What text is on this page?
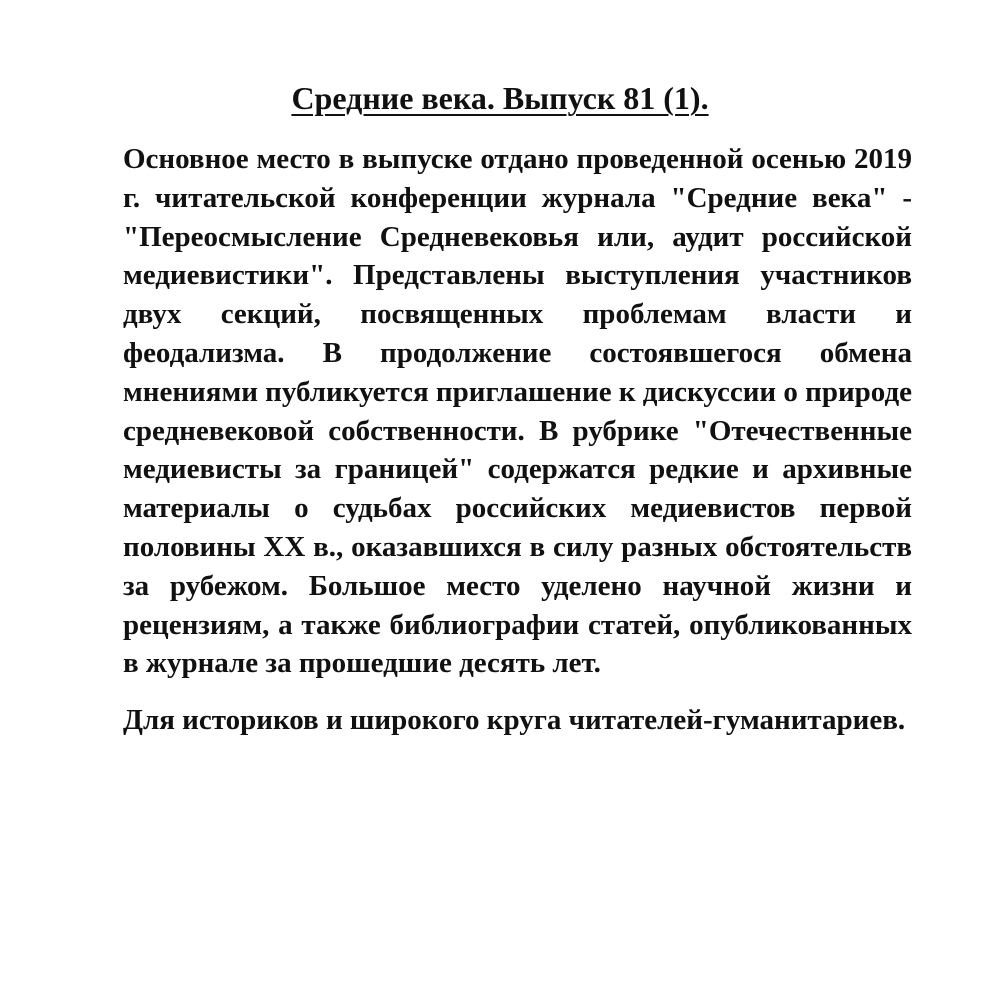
Средние века. Выпуск 81 (1).

Основное место в выпуске отдано проведенной осенью 2019 г. читательской конференции журнала "Средние века" - "Переосмысление Средневековья или, аудит российской медиевистики". Представлены выступления участников двух секций, посвященных проблемам власти и феодализма. В продолжение состоявшегося обмена мнениями публикуется приглашение к дискуссии о природе средневековой собственности. В рубрике "Отечественные медиевисты за границей" содержатся редкие и архивные материалы о судьбах российских медиевистов первой половины XX в., оказавшихся в силу разных обстоятельств за рубежом. Большое место уделено научной жизни и рецензиям, а также библиографии статей, опубликованных в журнале за прошедшие десять лет.

Для историков и широкого круга читателей-гуманитариев.
